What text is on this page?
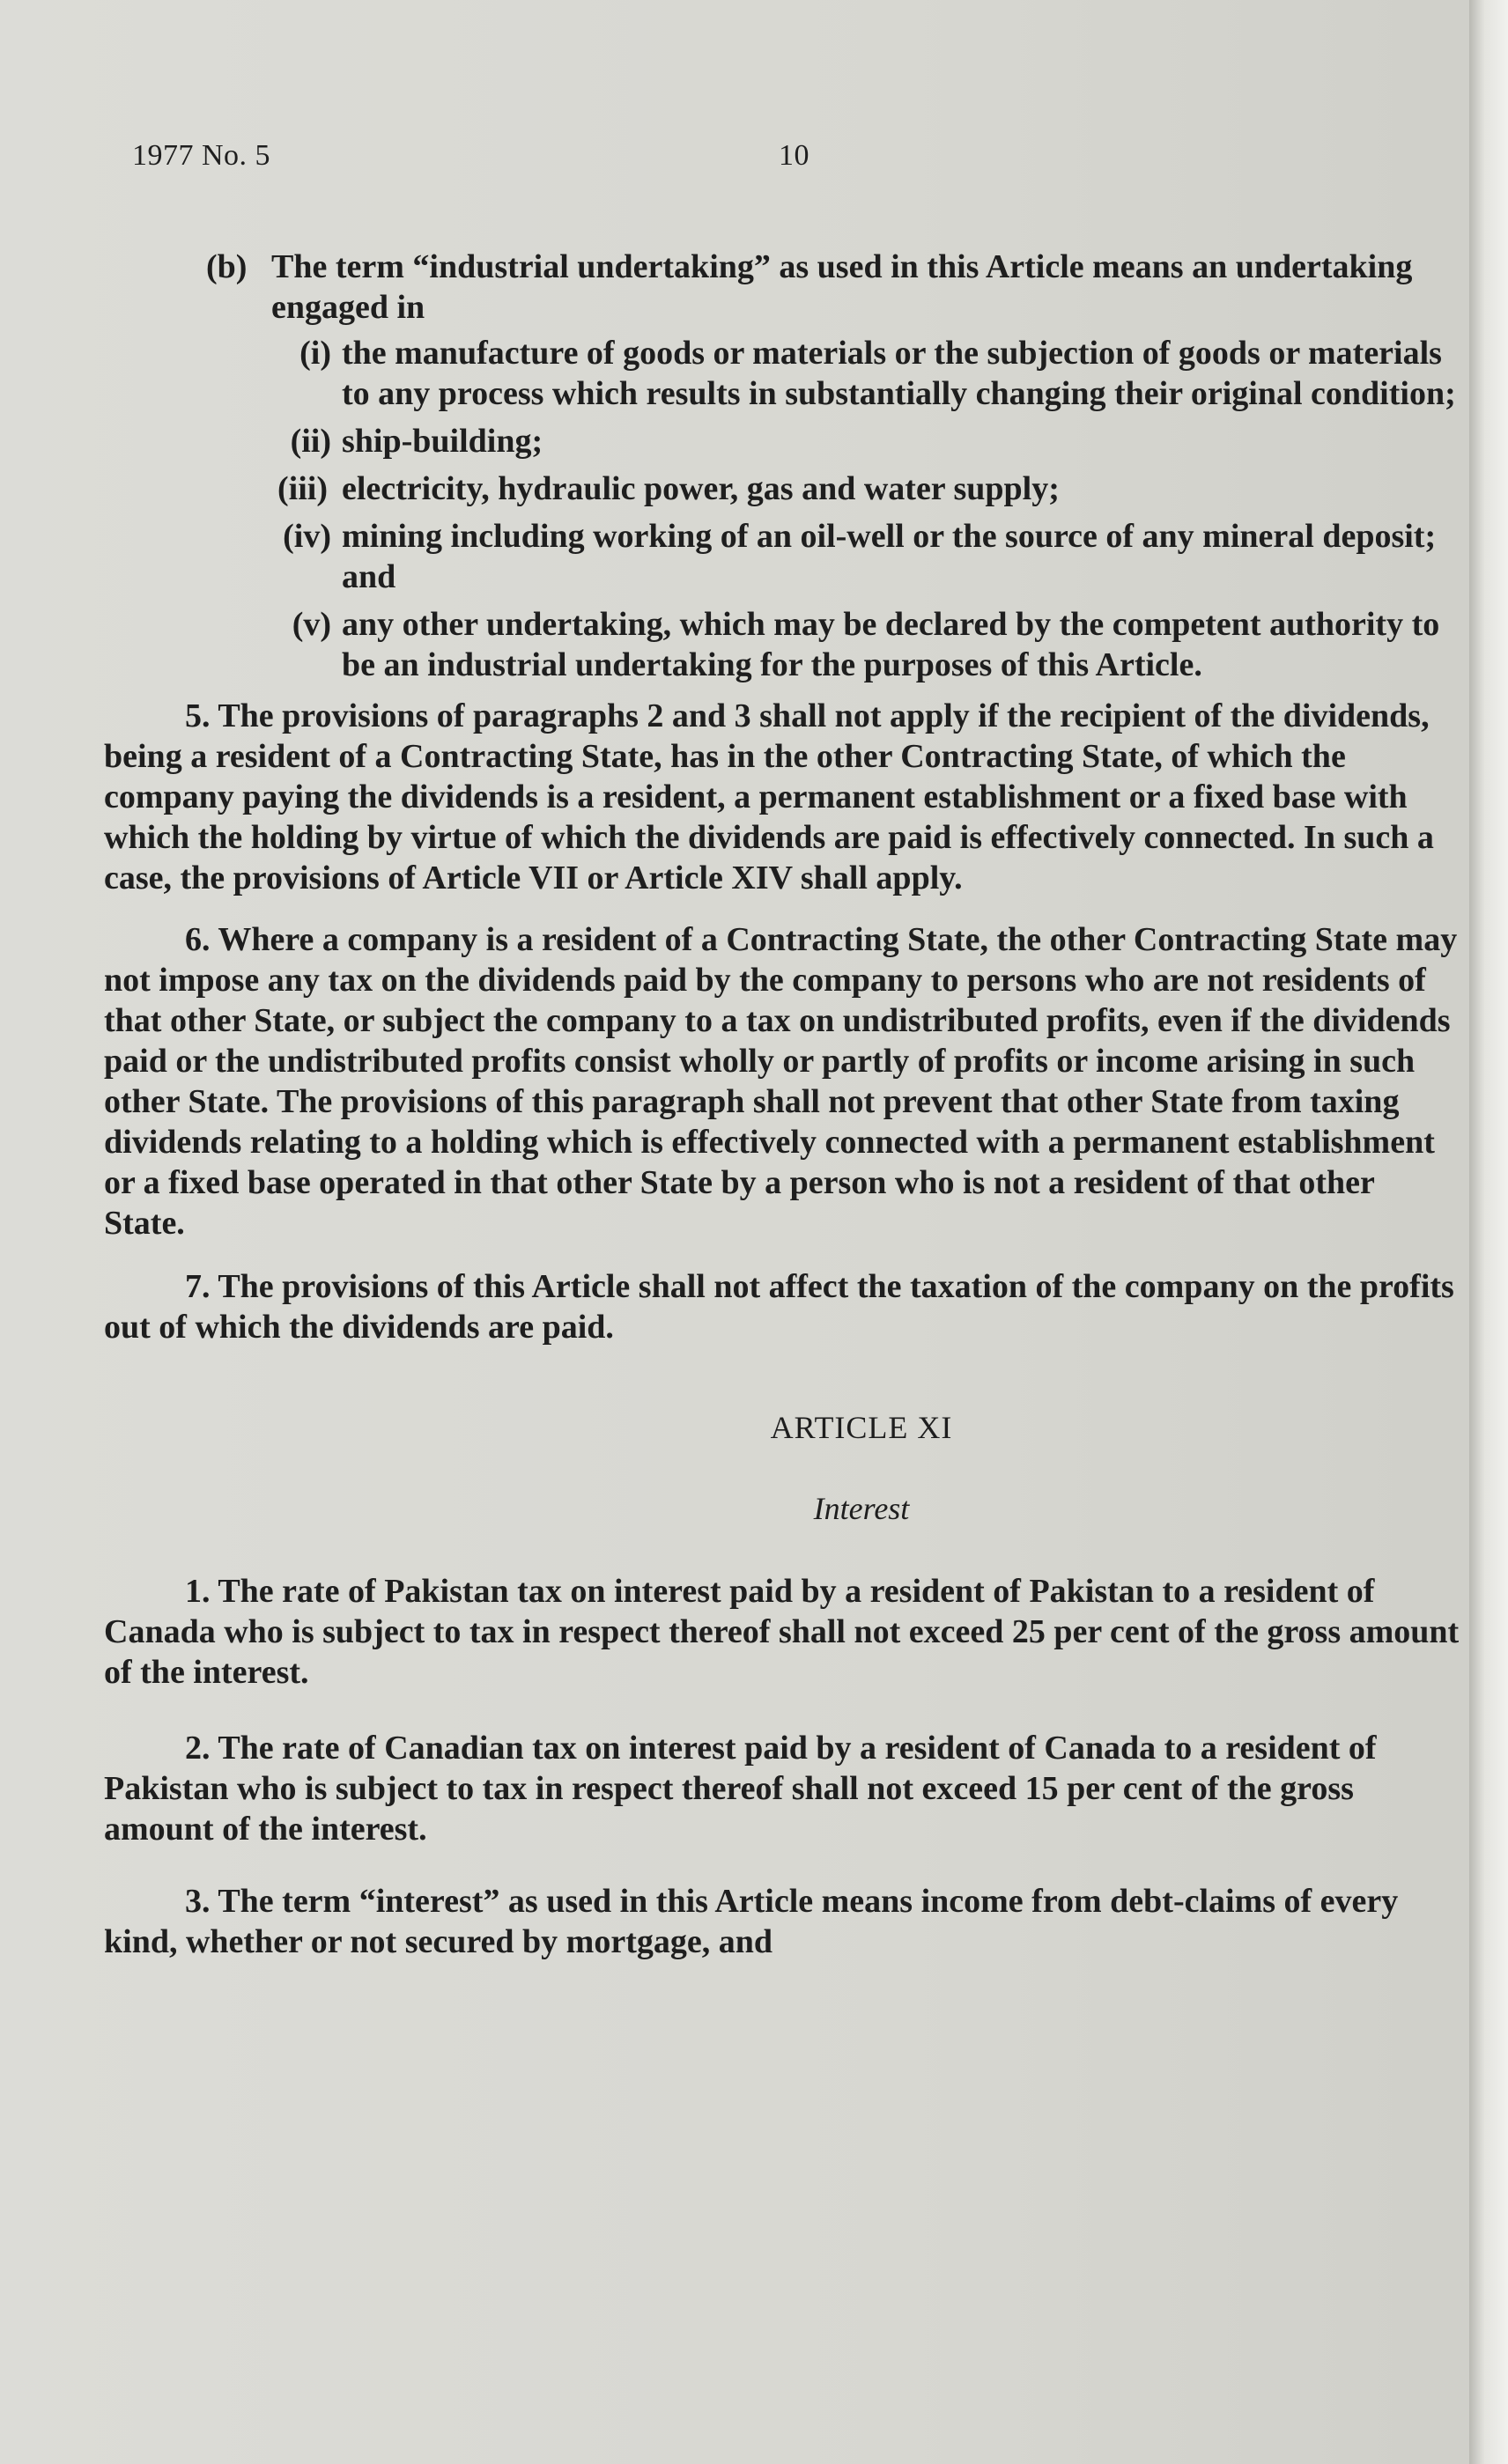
1977 No. 5	10
(b) The term “industrial undertaking” as used in this Article means an undertaking engaged in

(i) the manufacture of goods or materials or the subjection of goods or materials to any process which results in substantially changing their original condition;

(ii) ship-building;

(iii) electricity, hydraulic power, gas and water supply;

(iv) mining including working of an oil-well or the source of any mineral deposit; and

(v) any other undertaking, which may be declared by the competent authority to be an industrial undertaking for the purposes of this Article.

5. The provisions of paragraphs 2 and 3 shall not apply if the recipient of the dividends, being a resident of a Contracting State, has in the other Contracting State, of which the company paying the dividends is a resident, a permanent establishment or a fixed base with which the holding by virtue of which the dividends are paid is effectively connected. In such a case, the provisions of Article VII or Article XIV shall apply.

6. Where a company is a resident of a Contracting State, the other Contracting State may not impose any tax on the dividends paid by the company to persons who are not residents of that other State, or subject the company to a tax on undistributed profits, even if the dividends paid or the undistributed profits consist wholly or partly of profits or income arising in such other State. The provisions of this paragraph shall not prevent that other State from taxing dividends relating to a holding which is effectively connected with a permanent establishment or a fixed base operated in that other State by a person who is not a resident of that other State.

7. The provisions of this Article shall not affect the taxation of the company on the profits out of which the dividends are paid.

ARTICLE XI

Interest

1. The rate of Pakistan tax on interest paid by a resident of Pakistan to a resident of Canada who is subject to tax in respect thereof shall not exceed 25 per cent of the gross amount of the interest.

2. The rate of Canadian tax on interest paid by a resident of Canada to a resident of Pakistan who is subject to tax in respect thereof shall not exceed 15 per cent of the gross amount of the interest.

3. The term “interest” as used in this Article means income from debt-claims of every kind, whether or not secured by mortgage, and
